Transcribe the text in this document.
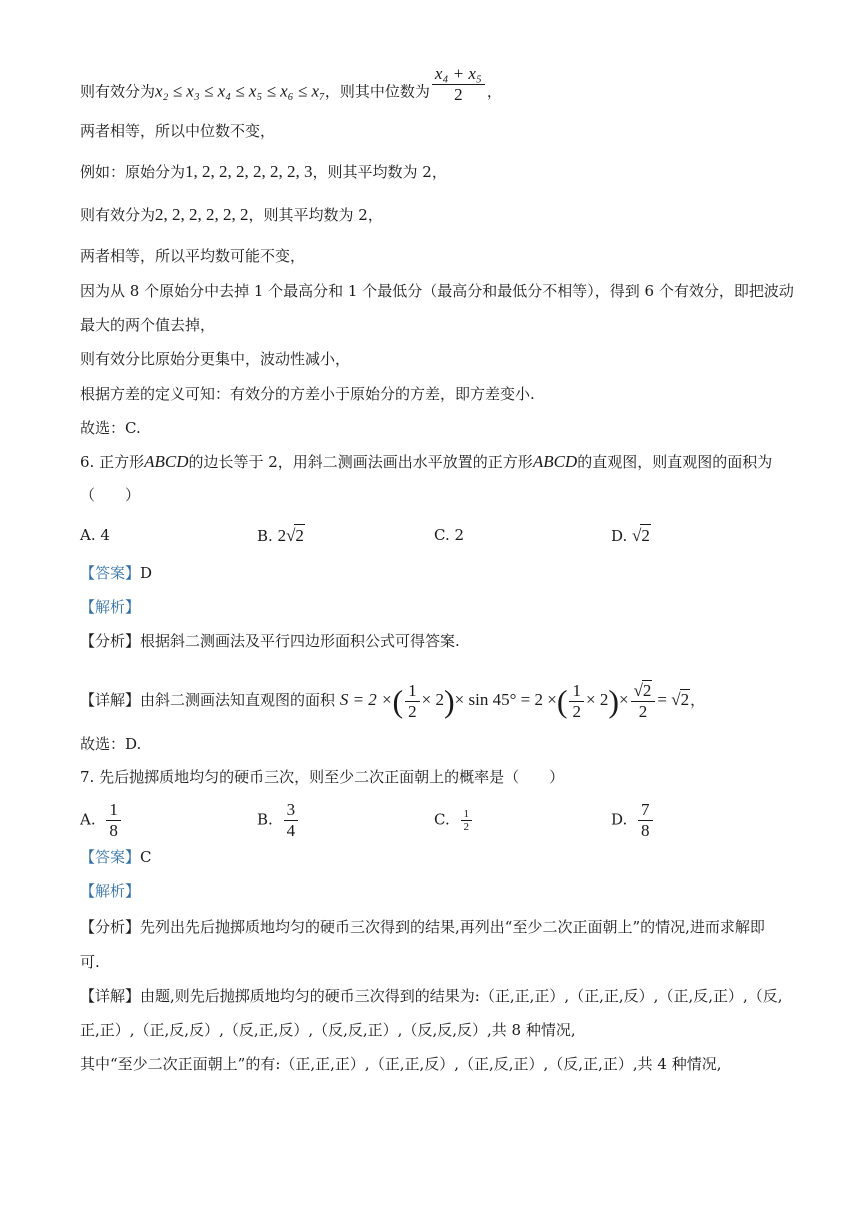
则有效分为x₂ ≤ x₃ ≤ x₄ ≤ x₅ ≤ x₆ ≤ x₇，则其中位数为 $\frac{\text{x₄ + x₅}}{2}$ ，
两者相等，所以中位数不变，
例如：原始分为1, 2, 2, 2, 2, 2, 2, 3，则其平均数为 2，
则有效分为2, 2, 2, 2, 2, 2，则其平均数为 2，
两者相等，所以平均数可能不变，
因为从 8 个原始分中去掉 1 个最高分和 1 个最低分（最高分和最低分不相等），得到 6 个有效分，即把波动
最大的两个值去掉，
则有效分比原始分更集中，波动性减小，
根据方差的定义可知：有效分的方差小于原始分的方差，即方差变小.
故选：C.
6. 正方形ABCD的边长等于 2，用斜二测画法画出水平放置的正方形ABCD的直观图，则直观图的面积为
（　　）
A. 4	B. 2√2	C. 2	D. √2
【答案】D
【解析】
【分析】根据斜二测画法及平行四边形面积公式可得答案.
【详解】由斜二测画法知直观图的面积 S = 2 ×( $\frac{1}{2} \times 2)\times \sin 45^\circ = 2$ ×( $\frac{1}{2} \times 2)\times \frac{√2}{2} = √2$，
故选：D.
7. 先后抛掷质地均匀的硬币三次，则至少二次正面朝上的概率是（　　）
A. $\frac{1}{8}$	B. $\frac{3}{4}$	C. $\frac{1}{2}$	D. $\frac{7}{8}$
【答案】C
【解析】
【分析】先列出先后抛掷质地均匀的硬币三次得到的结果,再列出“至少二次正面朝上”的情况,进而求解即
可.
【详解】由题,则先后抛掷质地均匀的硬币三次得到的结果为:（正,正,正）,（正,正,反）,（正,反,正）,（反,
正,正）,（正,反,反）,（反,正,反）,（反,反,正）,（反,反,反）,共 8 种情况,
其中“至少二次正面朝上”的有:（正,正,正）,（正,正,反）,（正,反,正）,（反,正,正）,共 4 种情况,
